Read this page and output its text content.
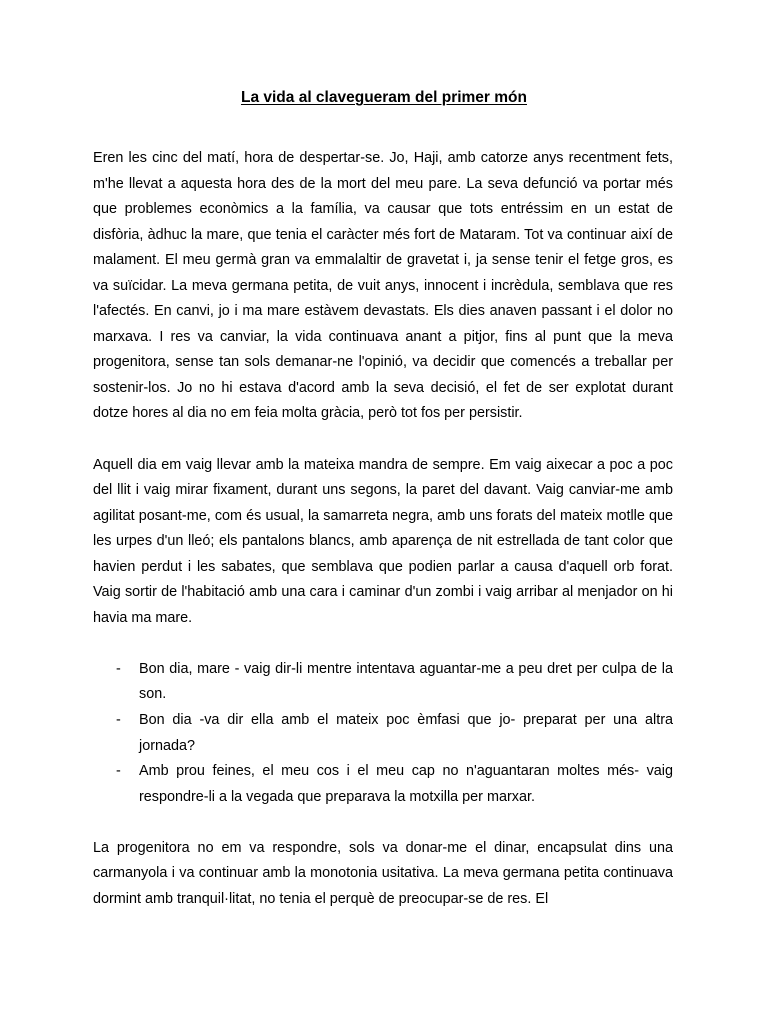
La vida al clavegueram del primer món

Eren les cinc del matí, hora de despertar-se. Jo, Haji, amb catorze anys recentment fets, m'he llevat a aquesta hora des de la mort del meu pare. La seva defunció va portar més que problemes econòmics a la família, va causar que tots entréssim en un estat de disfòria, àdhuc la mare, que tenia el caràcter més fort de Mataram. Tot va continuar així de malament. El meu germà gran va emmalaltir de gravetat i, ja sense tenir el fetge gros, es va suïcidar. La meva germana petita, de vuit anys, innocent i incrèdula, semblava que res l'afectés. En canvi, jo i ma mare estàvem devastats. Els dies anaven passant i el dolor no marxava. I res va canviar, la vida continuava anant a pitjor, fins al punt que la meva progenitora, sense tan sols demanar-ne l'opinió, va decidir que comencés a treballar per sostenir-los. Jo no hi estava d'acord amb la seva decisió, el fet de ser explotat durant dotze hores al dia no em feia molta gràcia, però tot fos per persistir.

Aquell dia em vaig llevar amb la mateixa mandra de sempre. Em vaig aixecar a poc a poc del llit i vaig mirar fixament, durant uns segons, la paret del davant. Vaig canviar-me amb agilitat posant-me, com és usual, la samarreta negra, amb uns forats del mateix motlle que les urpes d'un lleó; els pantalons blancs, amb aparença de nit estrellada de tant color que havien perdut i les sabates, que semblava que podien parlar a causa d'aquell orb forat. Vaig sortir de l'habitació amb una cara i caminar d'un zombi i vaig arribar al menjador on hi havia ma mare.

- Bon dia, mare - vaig dir-li mentre intentava aguantar-me a peu dret per culpa de la son.
- Bon dia -va dir ella amb el mateix poc èmfasi que jo- preparat per una altra jornada?
- Amb prou feines, el meu cos i el meu cap no n'aguantaran moltes més- vaig respondre-li a la vegada que preparava la motxilla per marxar.

La progenitora no em va respondre, sols va donar-me el dinar, encapsulat dins una carmanyola i va continuar amb la monotonia usitativa. La meva germana petita continuava dormint amb tranquil·litat, no tenia el perquè de preocupar-se de res. El
